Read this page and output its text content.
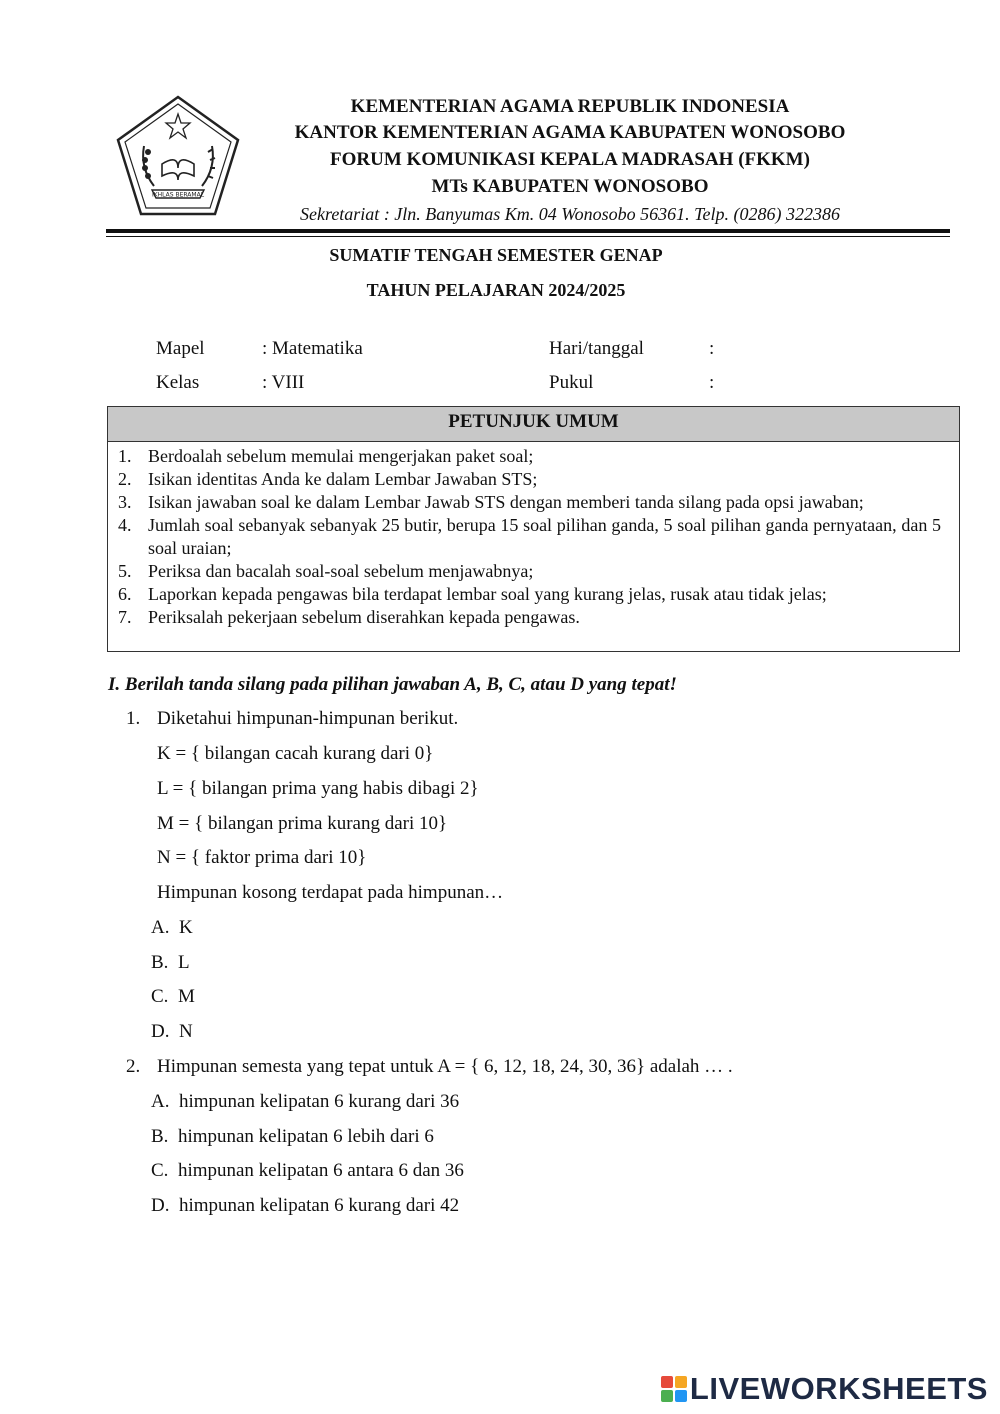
IKHLAS BERAMAL
KEMENTERIAN AGAMA REPUBLIK INDONESIA
KANTOR KEMENTERIAN AGAMA KABUPATEN WONOSOBO
FORUM KOMUNIKASI KEPALA MADRASAH (FKKM)
MTs KABUPATEN WONOSOBO
Sekretariat : Jln. Banyumas Km. 04 Wonosobo 56361. Telp. (0286) 322386
SUMATIF TENGAH SEMESTER GENAP
TAHUN PELAJARAN 2024/2025
Mapel	: Matematika	Hari/tanggal	:
Kelas	: VIII	Pukul	:
PETUNJUK UMUM
1. Berdoalah sebelum memulai mengerjakan paket soal;
2. Isikan identitas Anda ke dalam Lembar Jawaban STS;
3. Isikan jawaban soal ke dalam Lembar Jawab STS dengan memberi tanda silang pada opsi jawaban;
4. Jumlah soal sebanyak sebanyak 25 butir, berupa 15 soal pilihan ganda, 5 soal pilihan ganda pernyataan, dan 5 soal uraian;
5. Periksa dan bacalah soal-soal sebelum menjawabnya;
6. Laporkan kepada pengawas bila terdapat lembar soal yang kurang jelas, rusak atau tidak jelas;
7. Periksalah pekerjaan sebelum diserahkan kepada pengawas.
I. Berilah tanda silang pada pilihan jawaban A, B, C, atau D yang tepat!
1. Diketahui himpunan-himpunan berikut.
K = { bilangan cacah kurang dari 0}
L = { bilangan prima yang habis dibagi 2}
M = { bilangan prima kurang dari 10}
N = { faktor prima dari 10}
Himpunan kosong terdapat pada himpunan…
A. K
B. L
C. M
D. N
2. Himpunan semesta yang tepat untuk A = { 6, 12, 18, 24, 30, 36} adalah … .
A. himpunan kelipatan 6 kurang dari 36
B. himpunan kelipatan 6 lebih dari 6
C. himpunan kelipatan 6 antara 6 dan 36
D. himpunan kelipatan 6 kurang dari 42
LIVEWORKSHEETS
